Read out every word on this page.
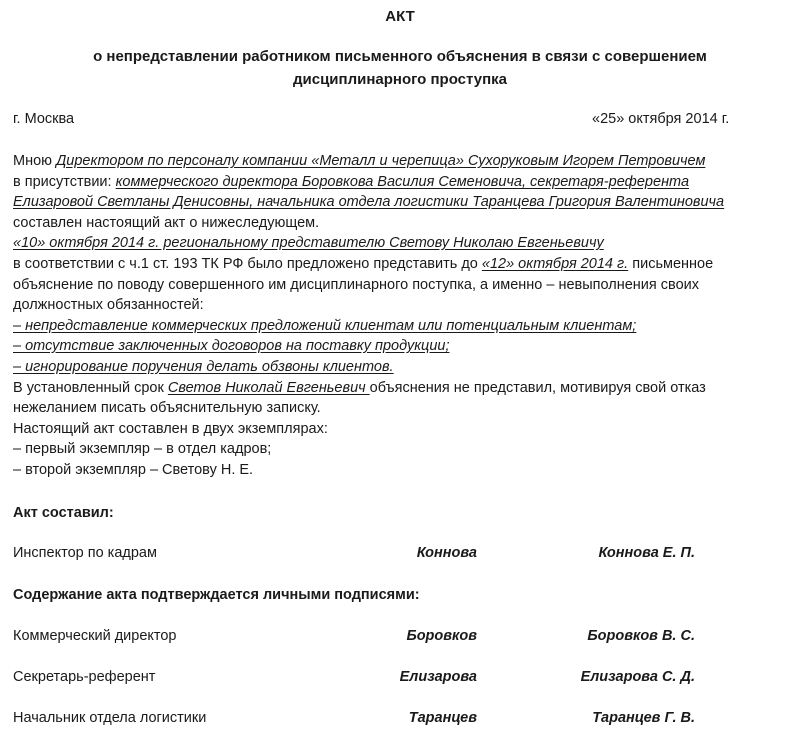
АКТ
о непредставлении работником письменного объяснения в связи с совершением
дисциплинарного проступка
г. Москва	«25» октября 2014 г.
Мною Директором по персоналу компании «Металл и черепица» Сухоруковым Игорем Петровичем
в присутствии: коммерческого директора Боровкова Василия Семеновича, секретаря-референта
Елизаровой Светланы Денисовны, начальника отдела логистики Таранцева Григория Валентиновича
составлен настоящий акт о нижеследующем.
«10» октября 2014 г. региональному представителю Светову Николаю Евгеньевичу
в соответствии с ч.1 ст. 193 ТК РФ было предложено представить до «12» октября 2014 г. письменное
объяснение по поводу совершенного им дисциплинарного поступка, а именно – невыполнения своих
должностных обязанностей:
– непредставление коммерческих предложений клиентам или потенциальным клиентам;
– отсутствие заключенных договоров на поставку продукции;
– игнорирование поручения делать обзвоны клиентов.
В установленный срок Светов Николай Евгеньевич объяснения не представил, мотивируя свой отказ
нежеланием писать объяснительную записку.
Настоящий акт составлен в двух экземплярах:
– первый экземпляр – в отдел кадров;
– второй экземпляр – Светову Н. Е.
Акт составил:
Инспектор по кадрам	Коннова	Коннова Е. П.
Содержание акта подтверждается личными подписями:
Коммерческий директор	Боровков	Боровков В. С.
Секретарь-референт	Елизарова	Елизарова С. Д.
Начальник отдела логистики	Таранцев	Таранцев Г. В.
